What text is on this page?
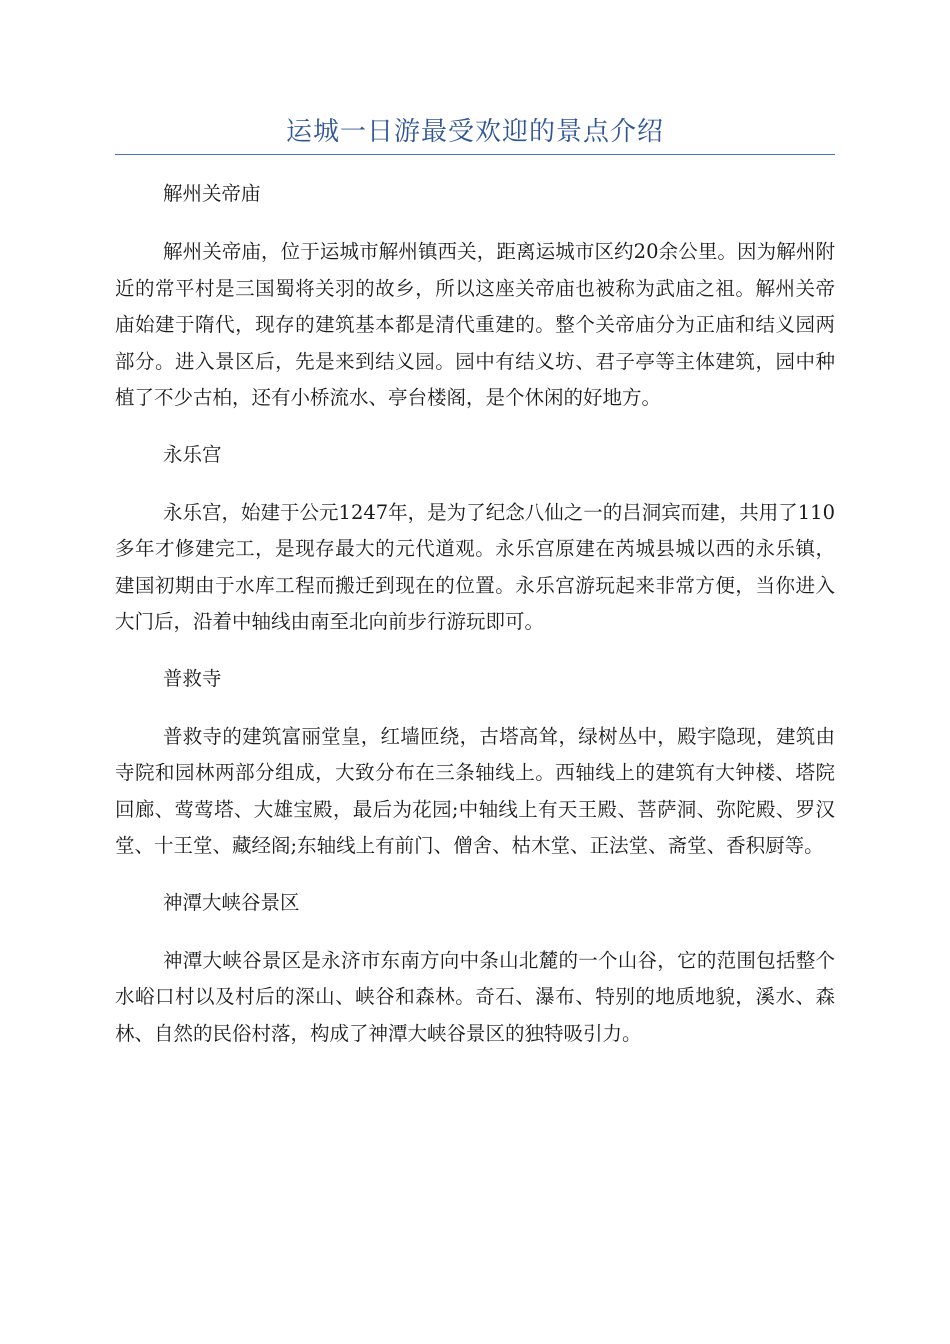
运城一日游最受欢迎的景点介绍
解州关帝庙

解州关帝庙，位于运城市解州镇西关，距离运城市区约20余公里。因为解州附近的常平村是三国蜀将关羽的故乡，所以这座关帝庙也被称为武庙之祖。解州关帝庙始建于隋代，现存的建筑基本都是清代重建的。整个关帝庙分为正庙和结义园两部分。进入景区后，先是来到结义园。园中有结义坊、君子亭等主体建筑，园中种植了不少古柏，还有小桥流水、亭台楼阁，是个休闲的好地方。

永乐宫

永乐宫，始建于公元1247年，是为了纪念八仙之一的吕洞宾而建，共用了110多年才修建完工，是现存最大的元代道观。永乐宫原建在芮城县城以西的永乐镇，建国初期由于水库工程而搬迁到现在的位置。永乐宫游玩起来非常方便，当你进入大门后，沿着中轴线由南至北向前步行游玩即可。

普救寺

普救寺的建筑富丽堂皇，红墙匝绕，古塔高耸，绿树丛中，殿宇隐现，建筑由寺院和园林两部分组成，大致分布在三条轴线上。西轴线上的建筑有大钟楼、塔院回廊、莺莺塔、大雄宝殿，最后为花园;中轴线上有天王殿、菩萨洞、弥陀殿、罗汉堂、十王堂、藏经阁;东轴线上有前门、僧舍、枯木堂、正法堂、斋堂、香积厨等。

神潭大峡谷景区

神潭大峡谷景区是永济市东南方向中条山北麓的一个山谷，它的范围包括整个水峪口村以及村后的深山、峡谷和森林。奇石、瀑布、特别的地质地貌，溪水、森林、自然的民俗村落，构成了神潭大峡谷景区的独特吸引力。
